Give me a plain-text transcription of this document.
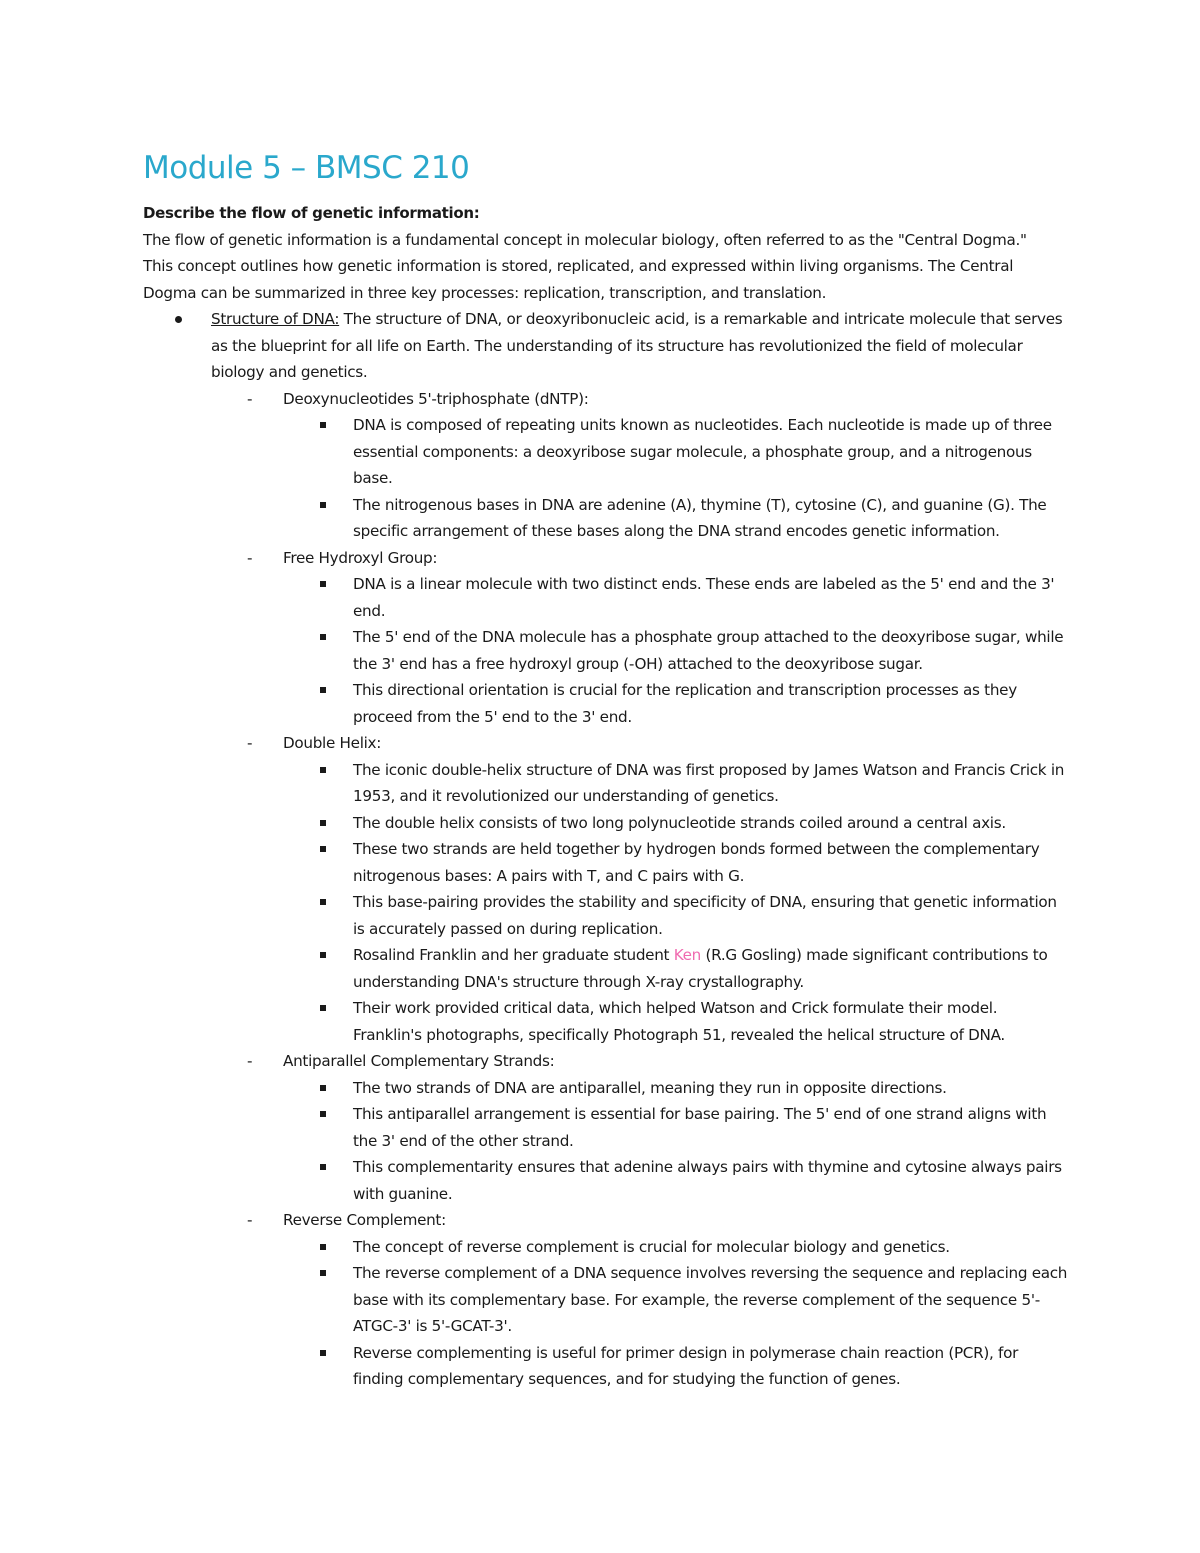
Module 5 – BMSC 210

Describe the flow of genetic information:

The flow of genetic information is a fundamental concept in molecular biology, often referred to as the "Central Dogma." This concept outlines how genetic information is stored, replicated, and expressed within living organisms. The Central Dogma can be summarized in three key processes: replication, transcription, and translation.

Structure of DNA: The structure of DNA, or deoxyribonucleic acid, is a remarkable and intricate molecule that serves as the blueprint for all life on Earth. The understanding of its structure has revolutionized the field of molecular biology and genetics.
- Deoxynucleotides 5'-triphosphate (dNTP):
DNA is composed of repeating units known as nucleotides. Each nucleotide is made up of three essential components: a deoxyribose sugar molecule, a phosphate group, and a nitrogenous base.
The nitrogenous bases in DNA are adenine (A), thymine (T), cytosine (C), and guanine (G). The specific arrangement of these bases along the DNA strand encodes genetic information.
- Free Hydroxyl Group:
DNA is a linear molecule with two distinct ends. These ends are labeled as the 5' end and the 3' end.
The 5' end of the DNA molecule has a phosphate group attached to the deoxyribose sugar, while the 3' end has a free hydroxyl group (-OH) attached to the deoxyribose sugar.
This directional orientation is crucial for the replication and transcription processes as they proceed from the 5' end to the 3' end.
- Double Helix:
The iconic double-helix structure of DNA was first proposed by James Watson and Francis Crick in 1953, and it revolutionized our understanding of genetics.
The double helix consists of two long polynucleotide strands coiled around a central axis.
These two strands are held together by hydrogen bonds formed between the complementary nitrogenous bases: A pairs with T, and C pairs with G.
This base-pairing provides the stability and specificity of DNA, ensuring that genetic information is accurately passed on during replication.
Rosalind Franklin and her graduate student Ken (R.G Gosling) made significant contributions to understanding DNA's structure through X-ray crystallography.
Their work provided critical data, which helped Watson and Crick formulate their model. Franklin's photographs, specifically Photograph 51, revealed the helical structure of DNA.
- Antiparallel Complementary Strands:
The two strands of DNA are antiparallel, meaning they run in opposite directions.
This antiparallel arrangement is essential for base pairing. The 5' end of one strand aligns with the 3' end of the other strand.
This complementarity ensures that adenine always pairs with thymine and cytosine always pairs with guanine.
- Reverse Complement:
The concept of reverse complement is crucial for molecular biology and genetics.
The reverse complement of a DNA sequence involves reversing the sequence and replacing each base with its complementary base. For example, the reverse complement of the sequence 5'-ATGC-3' is 5'-GCAT-3'.
Reverse complementing is useful for primer design in polymerase chain reaction (PCR), for finding complementary sequences, and for studying the function of genes.
